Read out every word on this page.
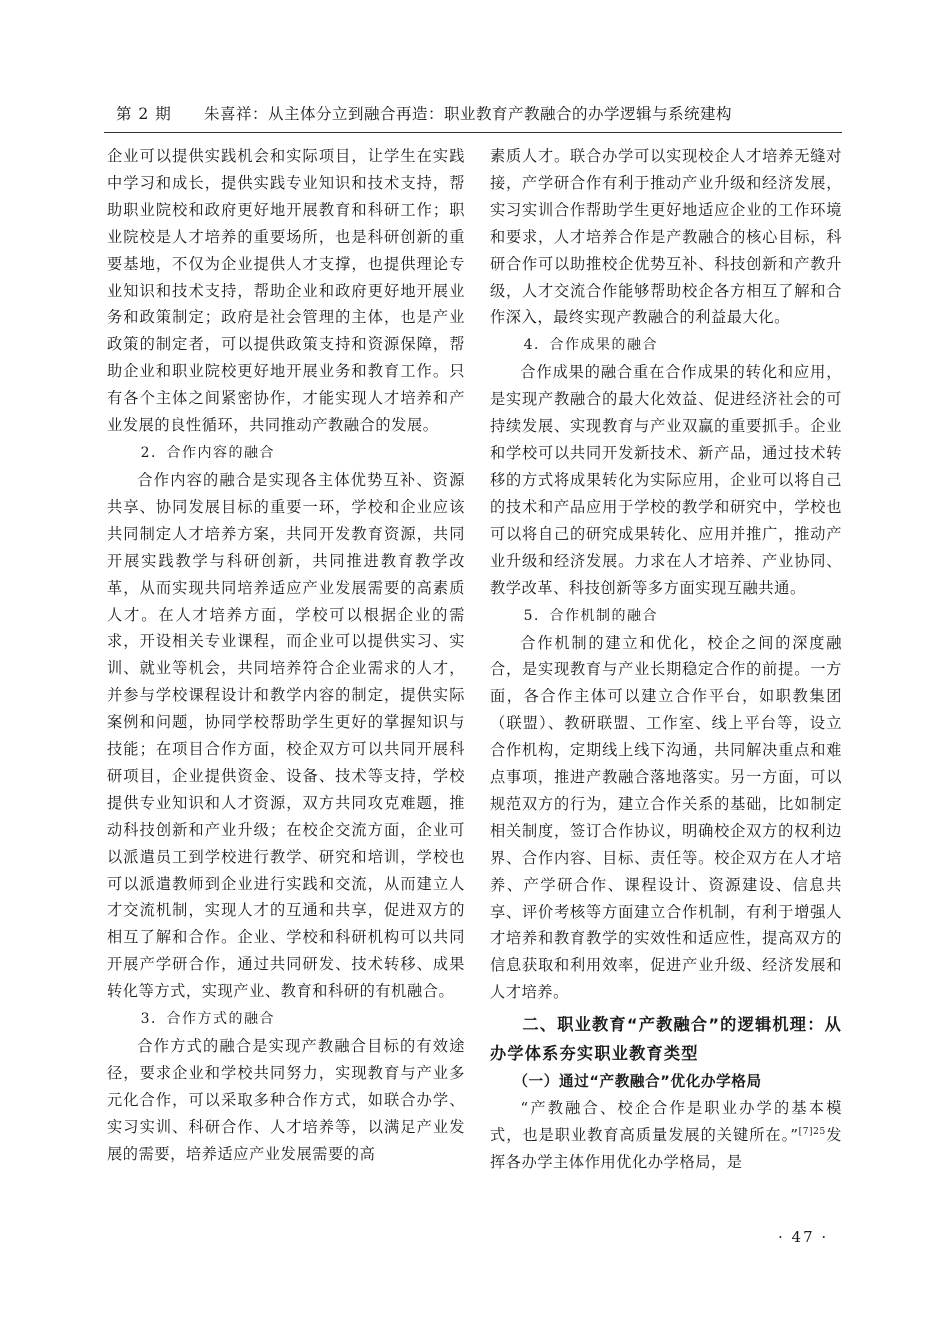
第 2 期 朱喜祥：从主体分立到融合再造：职业教育产教融合的办学逻辑与系统建构

企业可以提供实践机会和实际项目，让学生在实践中学习和成长，提供实践专业知识和技术支持，帮助职业院校和政府更好地开展教育和科研工作；职业院校是人才培养的重要场所，也是科研创新的重要基地，不仅为企业提供人才支撑，也提供理论专业知识和技术支持，帮助企业和政府更好地开展业务和政策制定；政府是社会管理的主体，也是产业政策的制定者，可以提供政策支持和资源保障，帮助企业和职业院校更好地开展业务和教育工作。只有各个主体之间紧密协作，才能实现人才培养和产业发展的良性循环，共同推动产教融合的发展。

2．合作内容的融合

合作内容的融合是实现各主体优势互补、资源共享、协同发展目标的重要一环，学校和企业应该共同制定人才培养方案，共同开发教育资源，共同开展实践教学与科研创新，共同推进教育教学改革，从而实现共同培养适应产业发展需要的高素质人才。在人才培养方面，学校可以根据企业的需求，开设相关专业课程，而企业可以提供实习、实训、就业等机会，共同培养符合企业需求的人才，并参与学校课程设计和教学内容的制定，提供实际案例和问题，协同学校帮助学生更好的掌握知识与技能；在项目合作方面，校企双方可以共同开展科研项目，企业提供资金、设备、技术等支持，学校提供专业知识和人才资源，双方共同攻克难题，推动科技创新和产业升级；在校企交流方面，企业可以派遣员工到学校进行教学、研究和培训，学校也可以派遣教师到企业进行实践和交流，从而建立人才交流机制，实现人才的互通和共享，促进双方的相互了解和合作。企业、学校和科研机构可以共同开展产学研合作，通过共同研发、技术转移、成果转化等方式，实现产业、教育和科研的有机融合。

3．合作方式的融合

合作方式的融合是实现产教融合目标的有效途径，要求企业和学校共同努力，实现教育与产业多元化合作，可以采取多种合作方式，如联合办学、实习实训、科研合作、人才培养等，以满足产业发展的需要，培养适应产业发展需要的高

素质人才。联合办学可以实现校企人才培养无缝对接，产学研合作有利于推动产业升级和经济发展，实习实训合作帮助学生更好地适应企业的工作环境和要求，人才培养合作是产教融合的核心目标，科研合作可以助推校企优势互补、科技创新和产教升级，人才交流合作能够帮助校企各方相互了解和合作深入，最终实现产教融合的利益最大化。

4．合作成果的融合

合作成果的融合重在合作成果的转化和应用，是实现产教融合的最大化效益、促进经济社会的可持续发展、实现教育与产业双赢的重要抓手。企业和学校可以共同开发新技术、新产品，通过技术转移的方式将成果转化为实际应用，企业可以将自己的技术和产品应用于学校的教学和研究中，学校也可以将自己的研究成果转化、应用并推广，推动产业升级和经济发展。力求在人才培养、产业协同、教学改革、科技创新等多方面实现互融共通。

5．合作机制的融合

合作机制的建立和优化，校企之间的深度融合，是实现教育与产业长期稳定合作的前提。一方面，各合作主体可以建立合作平台，如职教集团（联盟）、教研联盟、工作室、线上平台等，设立合作机构，定期线上线下沟通，共同解决重点和难点事项，推进产教融合落地落实。另一方面，可以规范双方的行为，建立合作关系的基础，比如制定相关制度，签订合作协议，明确校企双方的权利边界、合作内容、目标、责任等。校企双方在人才培养、产学研合作、课程设计、资源建设、信息共享、评价考核等方面建立合作机制，有利于增强人才培养和教育教学的实效性和适应性，提高双方的信息获取和利用效率，促进产业升级、经济发展和人才培养。

二、职业教育“产教融合”的逻辑机理：从办学体系夯实职业教育类型

（一）通过“产教融合”优化办学格局

“产教融合、校企合作是职业办学的基本模式，也是职业教育高质量发展的关键所在。”$^{[7]25}$发挥各办学主体作用优化办学格局，是

· 47 ·
